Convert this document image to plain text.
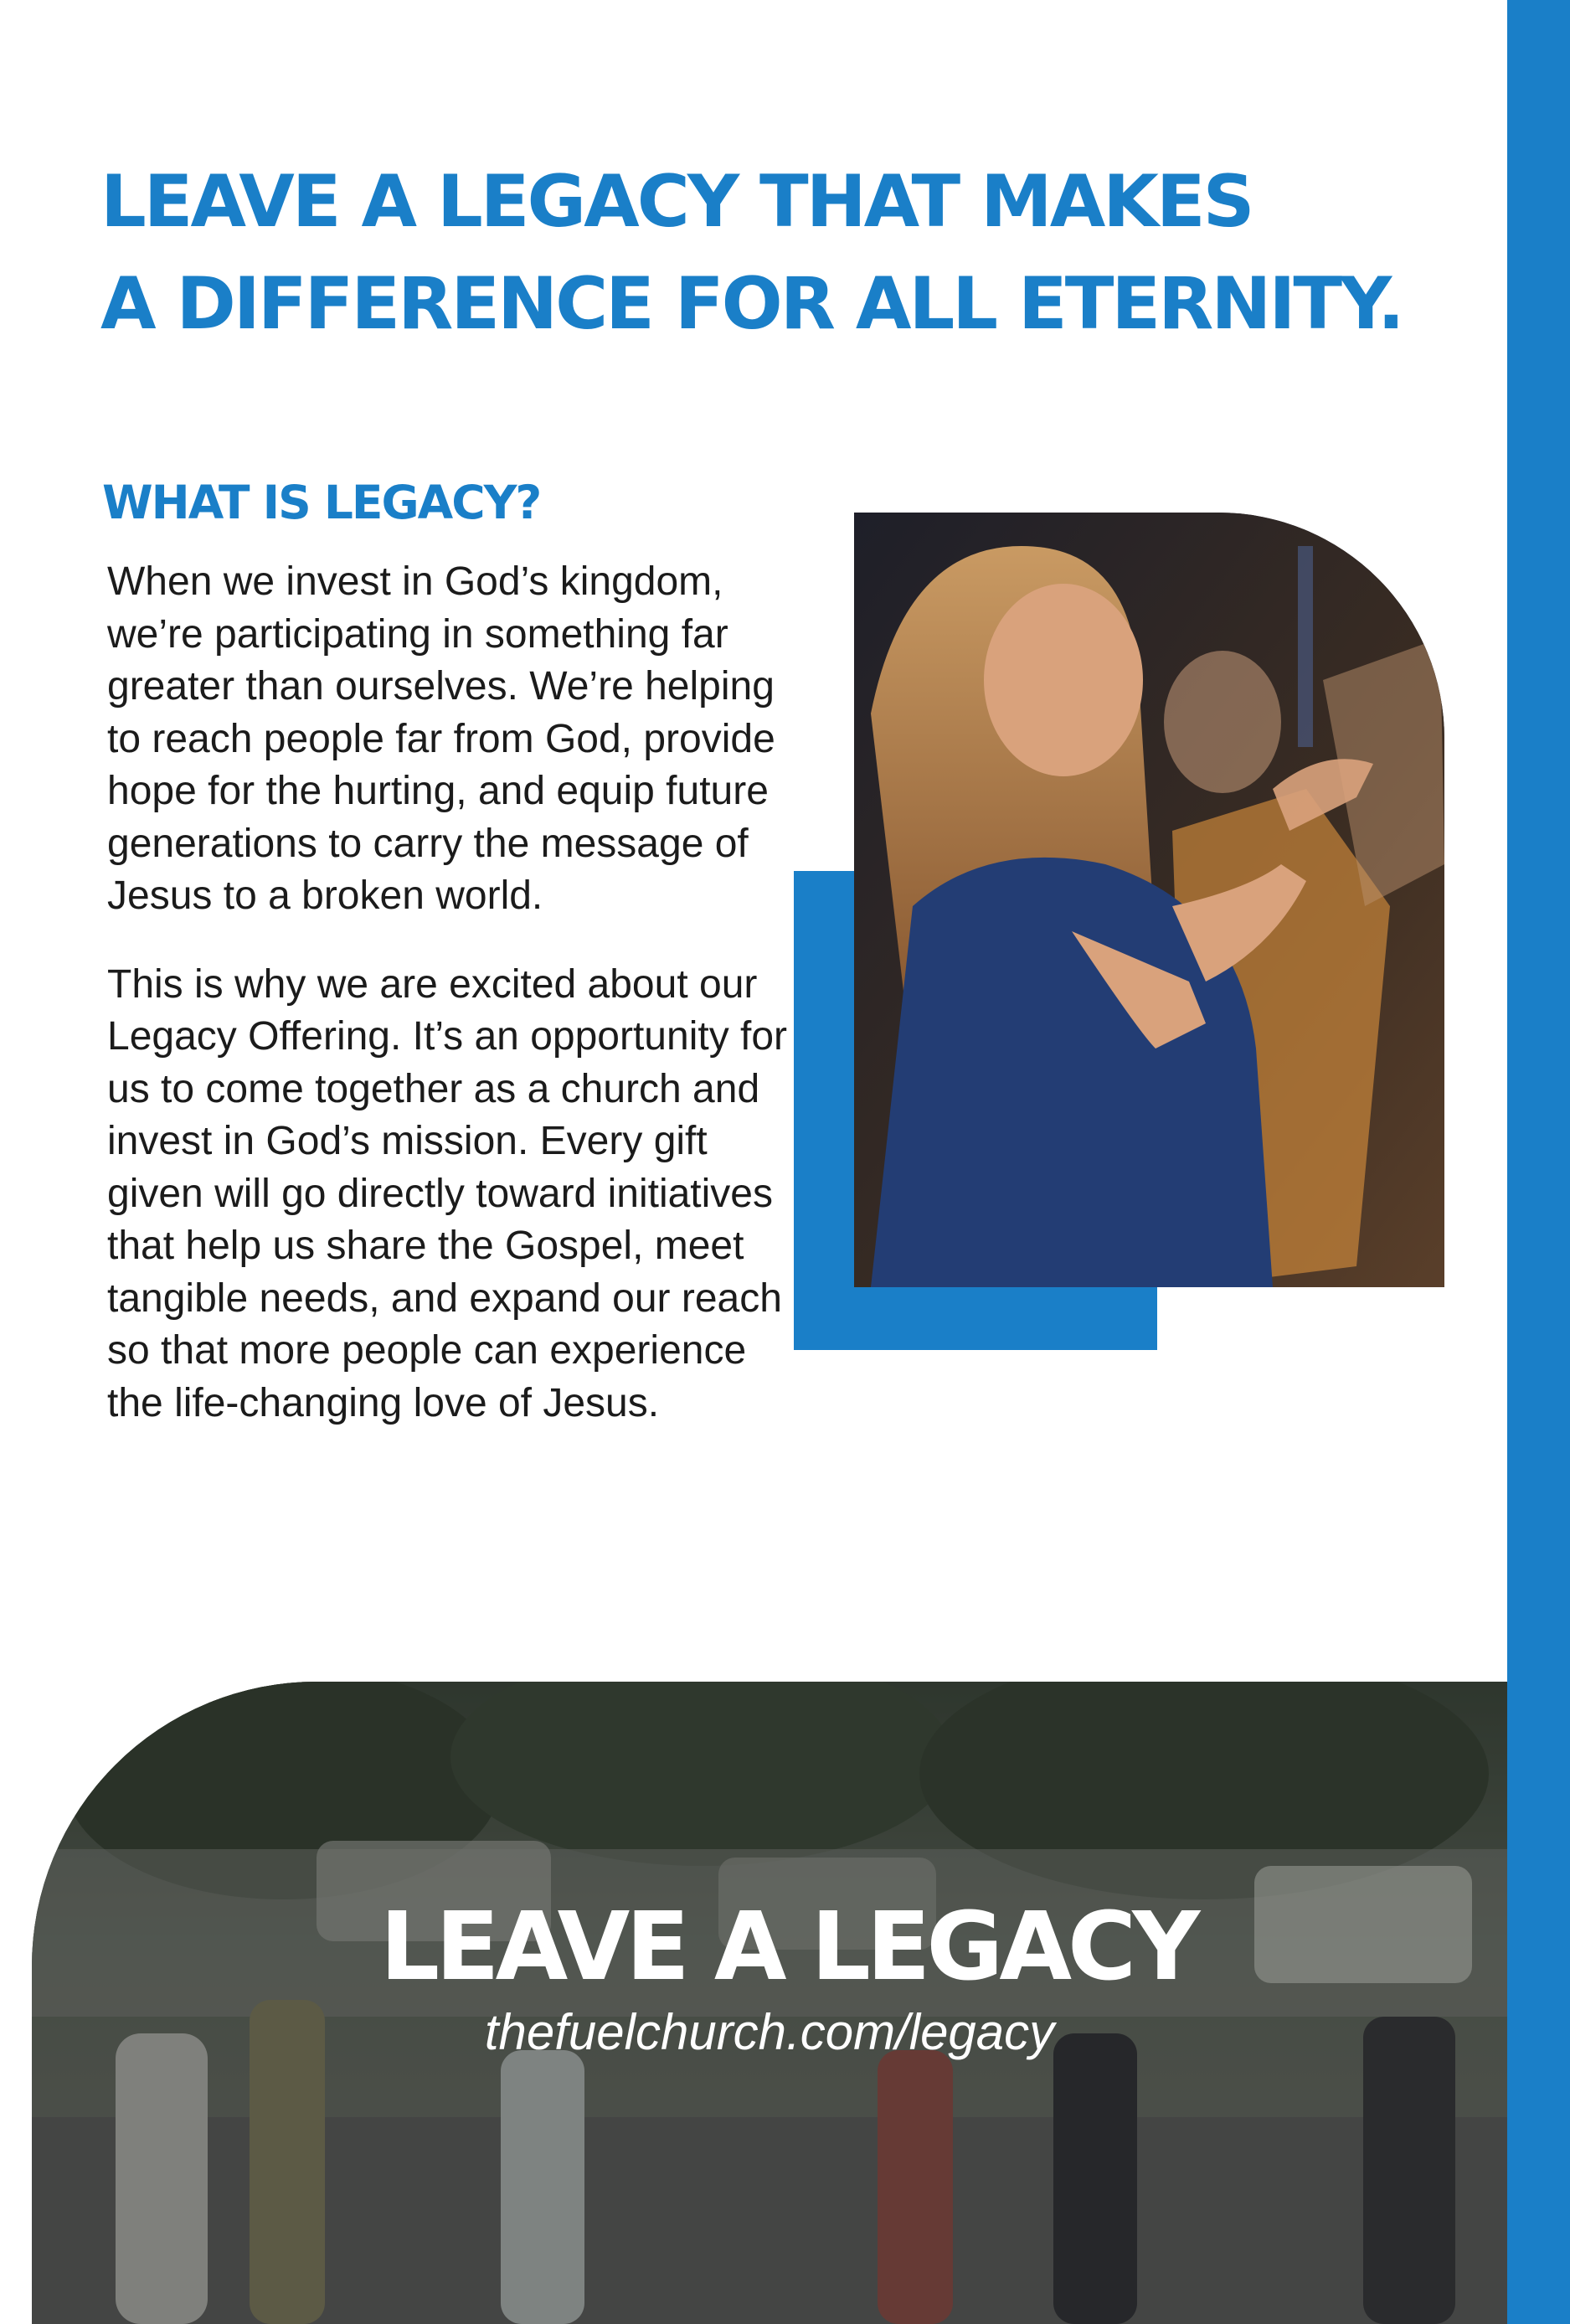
LEAVE A LEGACY THAT MAKES
A DIFFERENCE FOR ALL ETERNITY.
WHAT IS LEGACY?

When we invest in God’s kingdom, we’re participating in something far greater than ourselves. We’re helping to reach people far from God, provide hope for the hurting, and equip future generations to carry the message of Jesus to a broken world.

This is why we are excited about our Legacy Offering. It’s an opportunity for us to come together as a church and invest in God’s mission. Every gift given will go directly toward initiatives that help us share the Gospel, meet tangible needs, and expand our reach so that more people can experience the life-changing love of Jesus.

LEAVE A LEGACY
thefuelchurch.com/legacy
